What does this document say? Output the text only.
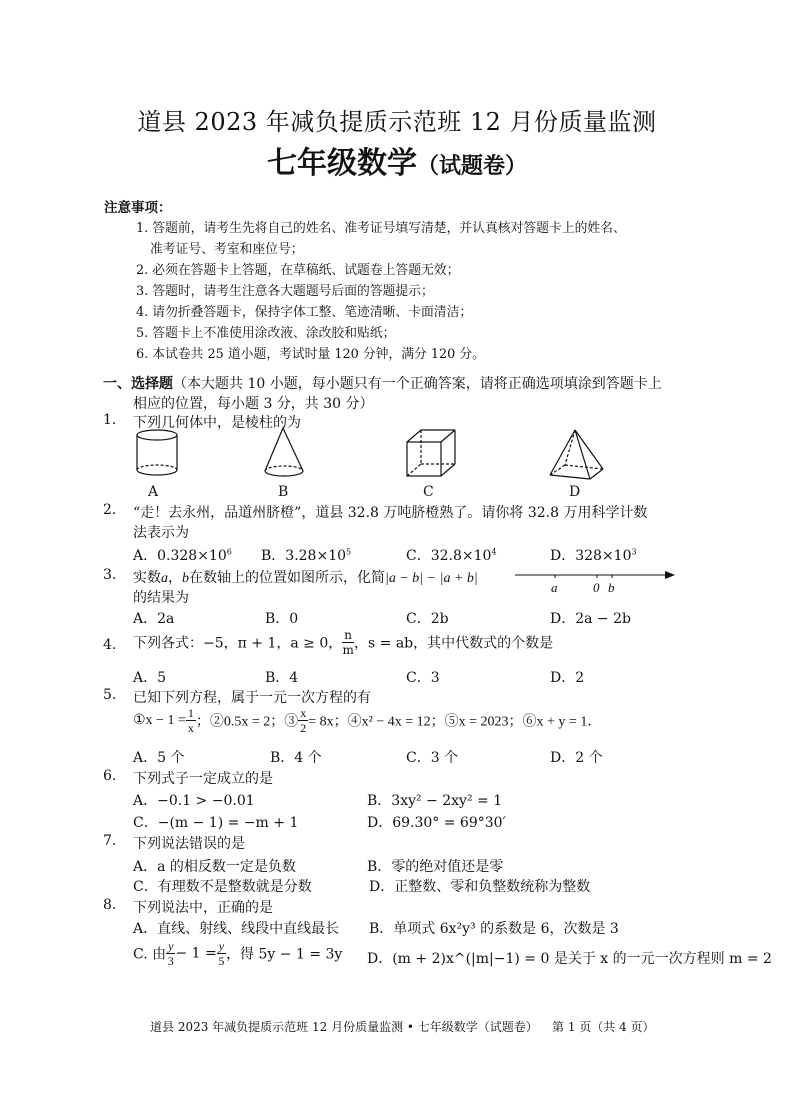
道县 2023 年减负提质示范班 12 月份质量监测
七年级数学（试题卷）
注意事项：
1. 答题前，请考生先将自己的姓名、准考证号填写清楚，并认真核对答题卡上的姓名、
准考证号、考室和座位号；
2. 必须在答题卡上答题，在草稿纸、试题卷上答题无效；
3. 答题时，请考生注意各大题题号后面的答题提示；
4. 请勿折叠答题卡，保持字体工整、笔迹清晰、卡面清洁；
5. 答题卡上不准使用涂改液、涂改胶和贴纸；
6. 本试卷共 25 道小题，考试时量 120 分钟，满分 120 分。
一、选择题（本大题共 10 小题，每小题只有一个正确答案，请将正确选项填涂到答题卡上
相应的位置，每小题 3 分，共 30 分）
1. 下列几何体中，是棱柱的为
A	B	C	D
2. “走！去永州，品道州脐橙”，道县 32.8 万吨脐橙熟了。请你将 32.8 万用科学计数
法表示为
A．$0.328\times 10^6$ B．$3.28\times 10^5$	C．$32.8\times 10^4$	D．$328\times 10^3$
3. 实数a，b在数轴上的位置如图所示，化简|a − b| − |a + b|
的结果为
a	0 b
A．2a	B．0	C．2b	D．2a − 2b
4. 下列各式：−5，π + 1，a ≥ 0， $\frac{n}{m}$ ，s = ab，其中代数式的个数是
A．5	B．4	C．3	D．2
5. 已知下列方程，属于一元一次方程的有
①x − $1 = \frac{1}{x}$ ；②0.5x = 2；③ $\frac{x}{2} = 8x$；④x² − 4x = 12；⑤x = 2023；⑥x + y = 1．
A．5 个	B．4 个	C．3 个	D．2 个
6. 下列式子一定成立的是
A．−0.1 > −0.01	B．3xy² − 2xy² = 1
C．−(m − 1) = −m + 1	D．69.30° = 69°30′
7. 下列说法错误的是
A．a 的相反数一定是负数	B．零的绝对值还是零
C．有理数不是整数就是分数	D．正整数、零和负整数统称为整数
8. 下列说法中，正确的是
A．直线、射线、线段中直线最长 B．单项式 6x²y³ 的系数是 6，次数是 3
C. 由 $\frac{y}{3} - 1 = \frac{y}{5}$ ，得 5y − 1 = 3y D．(m + 2)x^(|m|−1) = 0 是关于 x 的一元一次方程则 m = 2
道县 2023 年减负提质示范班 12 月份质量监测 • 七年级数学（试题卷） 第 1 页（共 4 页）
